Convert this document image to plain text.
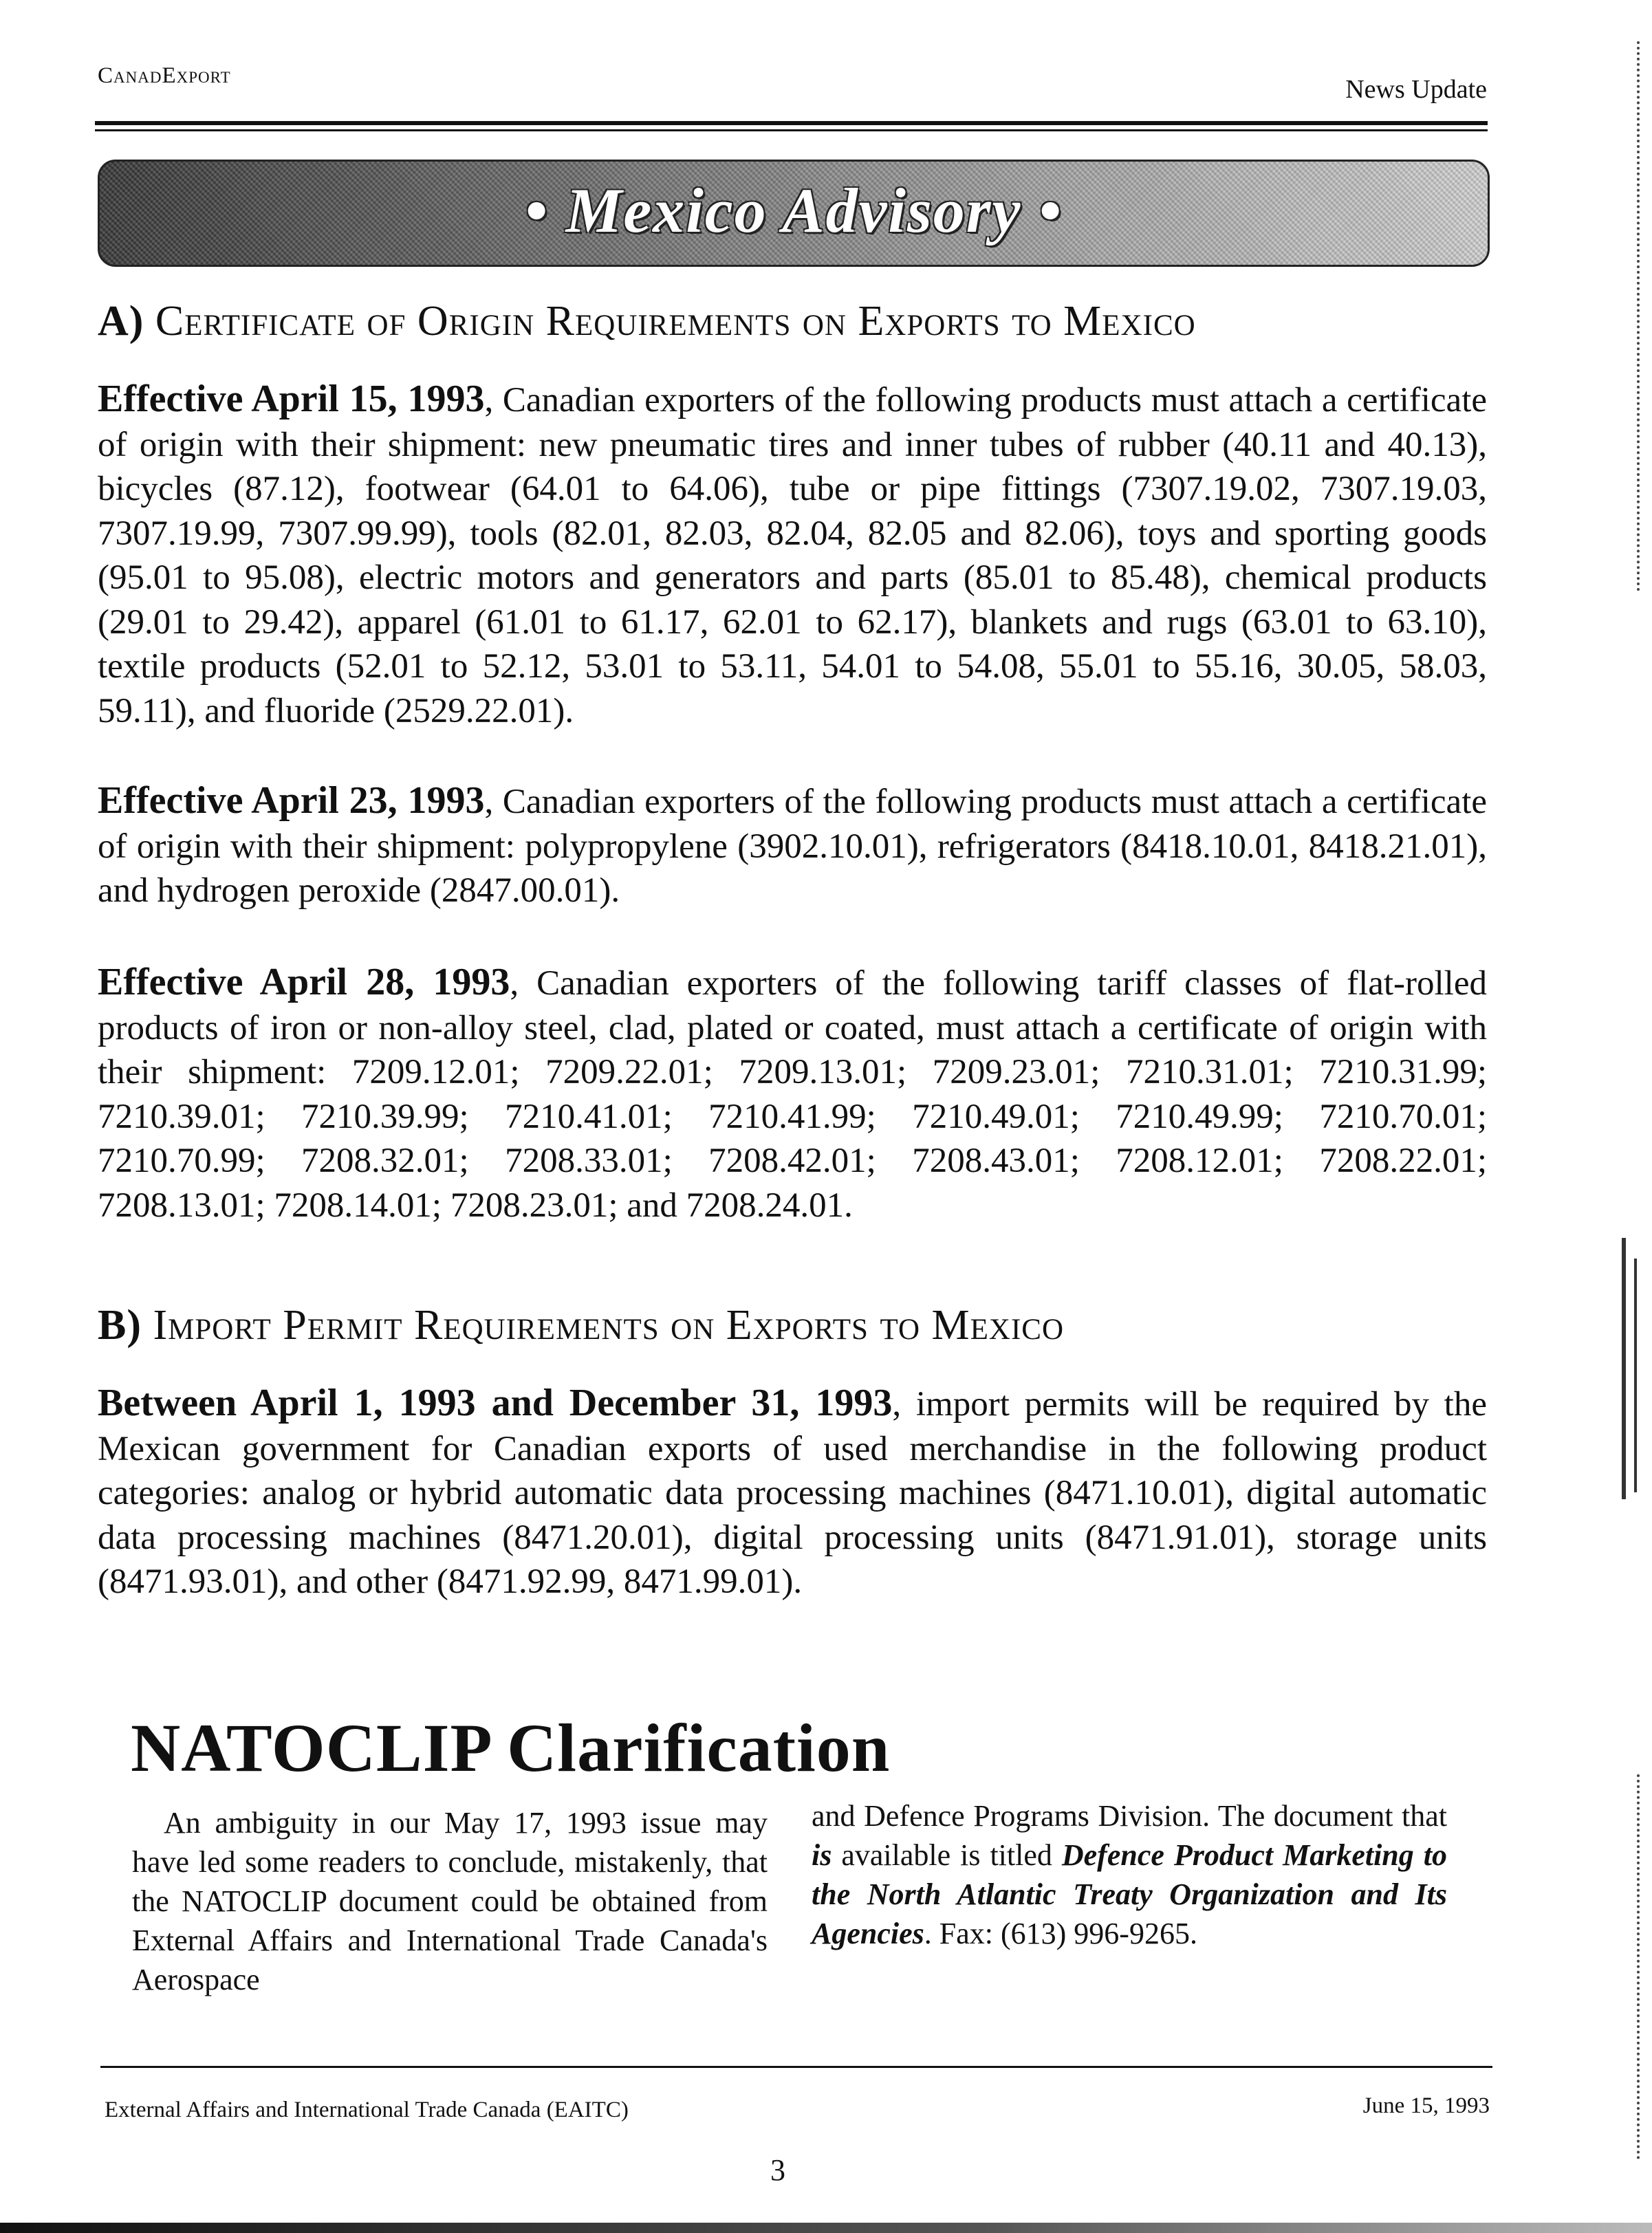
CanadExport	News Update
• Mexico Advisory •
A) Certificate of Origin Requirements on Exports to Mexico
Effective April 15, 1993, Canadian exporters of the following products must attach a certificate of origin with their shipment: new pneumatic tires and inner tubes of rubber (40.11 and 40.13), bicycles (87.12), footwear (64.01 to 64.06), tube or pipe fittings (7307.19.02, 7307.19.03, 7307.19.99, 7307.99.99), tools (82.01, 82.03, 82.04, 82.05 and 82.06), toys and sporting goods (95.01 to 95.08), electric motors and generators and parts (85.01 to 85.48), chemical products (29.01 to 29.42), apparel (61.01 to 61.17, 62.01 to 62.17), blankets and rugs (63.01 to 63.10), textile products (52.01 to 52.12, 53.01 to 53.11, 54.01 to 54.08, 55.01 to 55.16, 30.05, 58.03, 59.11), and fluoride (2529.22.01).
Effective April 23, 1993, Canadian exporters of the following products must attach a certificate of origin with their shipment: polypropylene (3902.10.01), refrigerators (8418.10.01, 8418.21.01), and hydrogen peroxide (2847.00.01).
Effective April 28, 1993, Canadian exporters of the following tariff classes of flat-rolled products of iron or non-alloy steel, clad, plated or coated, must attach a certificate of origin with their shipment: 7209.12.01; 7209.22.01; 7209.13.01; 7209.23.01; 7210.31.01; 7210.31.99; 7210.39.01; 7210.39.99; 7210.41.01; 7210.41.99; 7210.49.01; 7210.49.99; 7210.70.01; 7210.70.99; 7208.32.01; 7208.33.01; 7208.42.01; 7208.43.01; 7208.12.01; 7208.22.01; 7208.13.01; 7208.14.01; 7208.23.01; and 7208.24.01.
B) Import Permit Requirements on Exports to Mexico
Between April 1, 1993 and December 31, 1993, import permits will be required by the Mexican government for Canadian exports of used merchandise in the following product categories: analog or hybrid automatic data processing machines (8471.10.01), digital automatic data processing machines (8471.20.01), digital processing units (8471.91.01), storage units (8471.93.01), and other (8471.92.99, 8471.99.01).
NATOCLIP Clarification
An ambiguity in our May 17, 1993 issue may have led some readers to conclude, mistakenly, that the NATOCLIP document could be obtained from External Affairs and International Trade Canada's Aerospace
and Defence Programs Division. The document that is available is titled Defence Product Marketing to the North Atlantic Treaty Organization and Its Agencies. Fax: (613) 996-9265.
External Affairs and International Trade Canada (EAITC)	June 15, 1993
3
